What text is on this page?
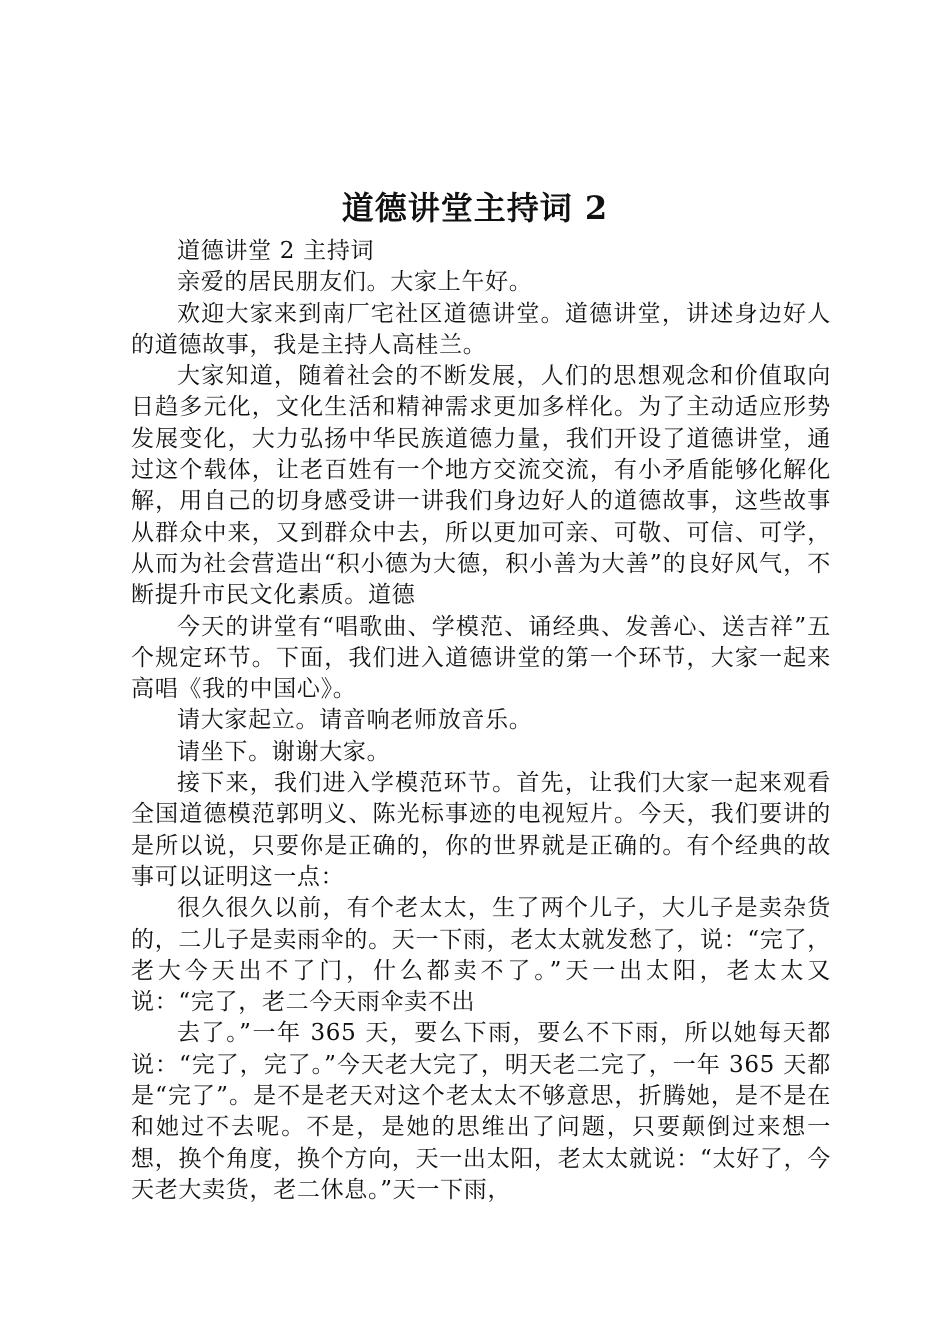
道德讲堂主持词 2

道德讲堂 2 主持词

亲爱的居民朋友们。大家上午好。

欢迎大家来到南厂宅社区道德讲堂。道德讲堂，讲述身边好人的道德故事，我是主持人高桂兰。

大家知道，随着社会的不断发展，人们的思想观念和价值取向日趋多元化，文化生活和精神需求更加多样化。为了主动适应形势发展变化，大力弘扬中华民族道德力量，我们开设了道德讲堂，通过这个载体，让老百姓有一个地方交流交流，有小矛盾能够化解化解，用自己的切身感受讲一讲我们身边好人的道德故事，这些故事从群众中来，又到群众中去，所以更加可亲、可敬、可信、可学，从而为社会营造出“积小德为大德，积小善为大善”的良好风气，不断提升市民文化素质。道德

今天的讲堂有“唱歌曲、学模范、诵经典、发善心、送吉祥”五个规定环节。下面，我们进入道德讲堂的第一个环节，大家一起来高唱《我的中国心》。

请大家起立。请音响老师放音乐。

请坐下。谢谢大家。

接下来，我们进入学模范环节。首先，让我们大家一起来观看全国道德模范郭明义、陈光标事迹的电视短片。今天，我们要讲的是所以说，只要你是正确的，你的世界就是正确的。有个经典的故事可以证明这一点：

很久很久以前，有个老太太，生了两个儿子，大儿子是卖杂货的，二儿子是卖雨伞的。天一下雨，老太太就发愁了，说：“完了，老大今天出不了门，什么都卖不了。”天一出太阳，老太太又说：“完了，老二今天雨伞卖不出

去了。”一年 365 天，要么下雨，要么不下雨，所以她每天都说：“完了，完了。”今天老大完了，明天老二完了，一年 365 天都是“完了”。是不是老天对这个老太太不够意思，折腾她，是不是在和她过不去呢。不是，是她的思维出了问题，只要颠倒过来想一想，换个角度，换个方向，天一出太阳，老太太就说：“太好了，今天老大卖货，老二休息。”天一下雨，
